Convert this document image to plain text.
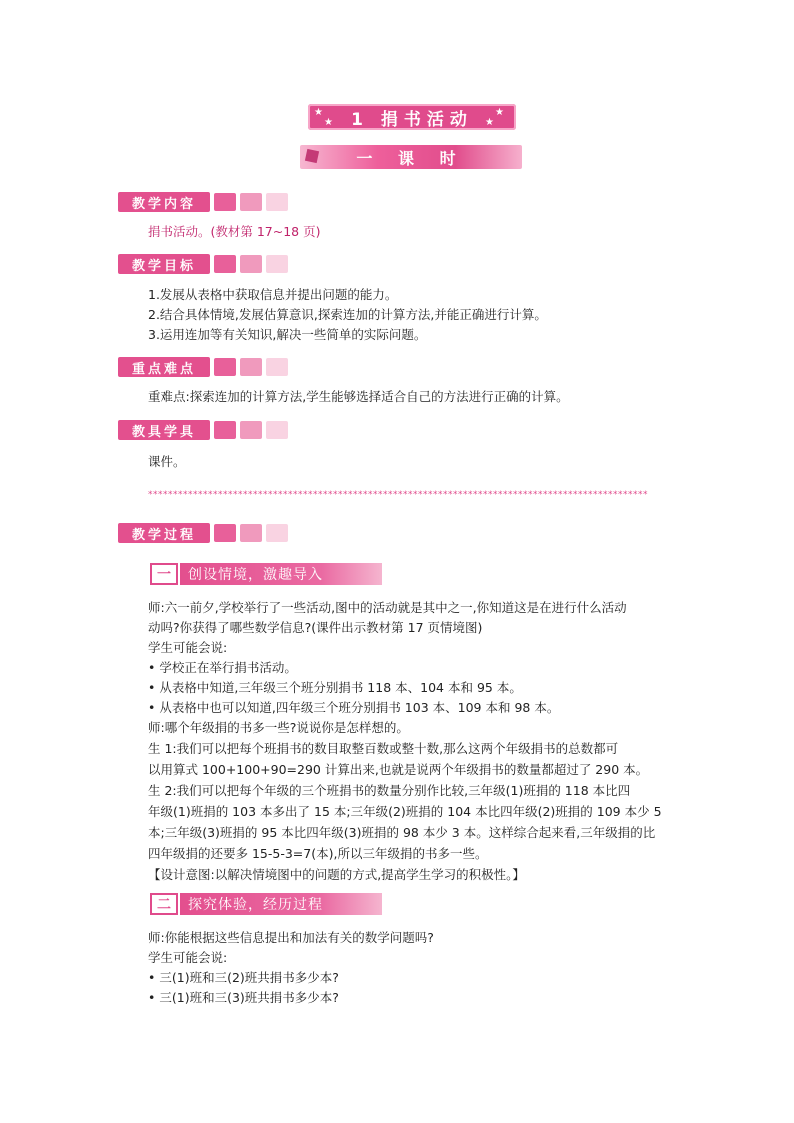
★
★ 1 捐书活动 ★
★
一 课 时
教学内容
捐书活动。(教材第 17~18 页)
教学目标
1.发展从表格中获取信息并提出问题的能力。
2.结合具体情境,发展估算意识,探索连加的计算方法,并能正确进行计算。
3.运用连加等有关知识,解决一些简单的实际问题。
重点难点
重难点:探索连加的计算方法,学生能够选择适合自己的方法进行正确的计算。
教具学具
课件。
****************************************************************************************************
教学过程
一	创设情境，激趣导入
师:六一前夕,学校举行了一些活动,图中的活动就是其中之一,你知道这是在进行什么活动
动吗?你获得了哪些数学信息?(课件出示教材第 17 页情境图)
学生可能会说:
• 学校正在举行捐书活动。
• 从表格中知道,三年级三个班分别捐书 118 本、104 本和 95 本。
• 从表格中也可以知道,四年级三个班分别捐书 103 本、109 本和 98 本。
师:哪个年级捐的书多一些?说说你是怎样想的。
生 1:我们可以把每个班捐书的数目取整百数或整十数,那么这两个年级捐书的总数都可
以用算式 100+100+90=290 计算出来,也就是说两个年级捐书的数量都超过了 290 本。
生 2:我们可以把每个年级的三个班捐书的数量分别作比较,三年级(1)班捐的 118 本比四
年级(1)班捐的 103 本多出了 15 本;三年级(2)班捐的 104 本比四年级(2)班捐的 109 本少 5
本;三年级(3)班捐的 95 本比四年级(3)班捐的 98 本少 3 本。这样综合起来看,三年级捐的比
四年级捐的还要多 15-5-3=7(本),所以三年级捐的书多一些。
【设计意图:以解决情境图中的问题的方式,提高学生学习的积极性。】
二	探究体验，经历过程
师:你能根据这些信息提出和加法有关的数学问题吗?
学生可能会说:
• 三(1)班和三(2)班共捐书多少本?
• 三(1)班和三(3)班共捐书多少本?
